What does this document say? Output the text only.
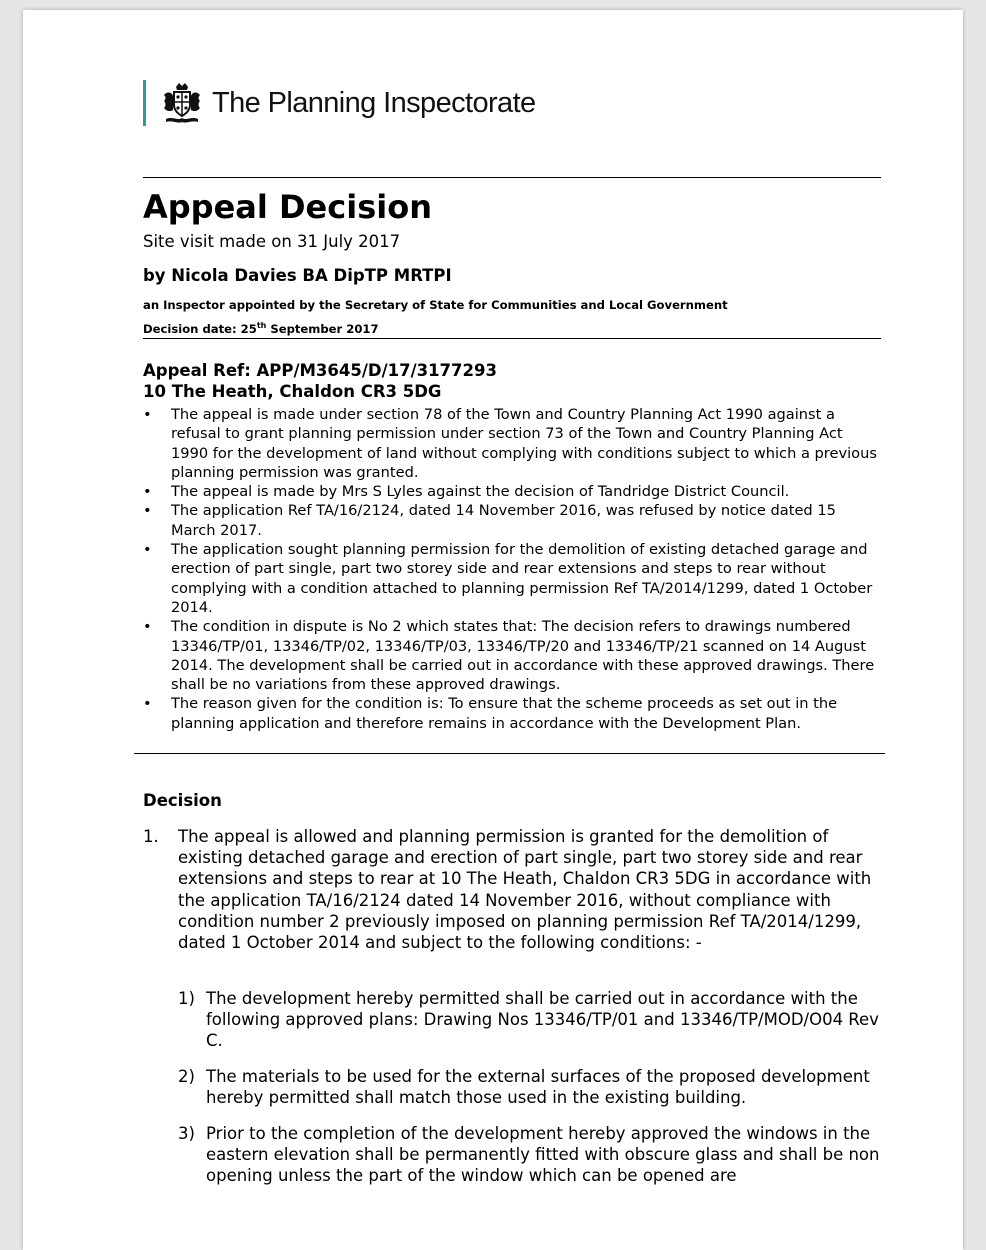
The Planning Inspectorate
Appeal Decision
Site visit made on 31 July 2017
by Nicola Davies BA DipTP MRTPI
an Inspector appointed by the Secretary of State for Communities and Local Government
Decision date: 25th September 2017
Appeal Ref: APP/M3645/D/17/3177293
10 The Heath, Chaldon CR3 5DG
• The appeal is made under section 78 of the Town and Country Planning Act 1990 against a refusal to grant planning permission under section 73 of the Town and Country Planning Act 1990 for the development of land without complying with conditions subject to which a previous planning permission was granted.
• The appeal is made by Mrs S Lyles against the decision of Tandridge District Council.
• The application Ref TA/16/2124, dated 14 November 2016, was refused by notice dated 15 March 2017.
• The application sought planning permission for the demolition of existing detached garage and erection of part single, part two storey side and rear extensions and steps to rear without complying with a condition attached to planning permission Ref TA/2014/1299, dated 1 October 2014.
• The condition in dispute is No 2 which states that: The decision refers to drawings numbered 13346/TP/01, 13346/TP/02, 13346/TP/03, 13346/TP/20 and 13346/TP/21 scanned on 14 August 2014. The development shall be carried out in accordance with these approved drawings. There shall be no variations from these approved drawings.
• The reason given for the condition is: To ensure that the scheme proceeds as set out in the planning application and therefore remains in accordance with the Development Plan.
Decision
1. The appeal is allowed and planning permission is granted for the demolition of existing detached garage and erection of part single, part two storey side and rear extensions and steps to rear at 10 The Heath, Chaldon CR3 5DG in accordance with the application TA/16/2124 dated 14 November 2016, without compliance with condition number 2 previously imposed on planning permission Ref TA/2014/1299, dated 1 October 2014 and subject to the following conditions: -
1) The development hereby permitted shall be carried out in accordance with the following approved plans: Drawing Nos 13346/TP/01 and 13346/TP/MOD/O04 Rev C.
2) The materials to be used for the external surfaces of the proposed development hereby permitted shall match those used in the existing building.
3) Prior to the completion of the development hereby approved the windows in the eastern elevation shall be permanently fitted with obscure glass and shall be non opening unless the part of the window which can be opened are
